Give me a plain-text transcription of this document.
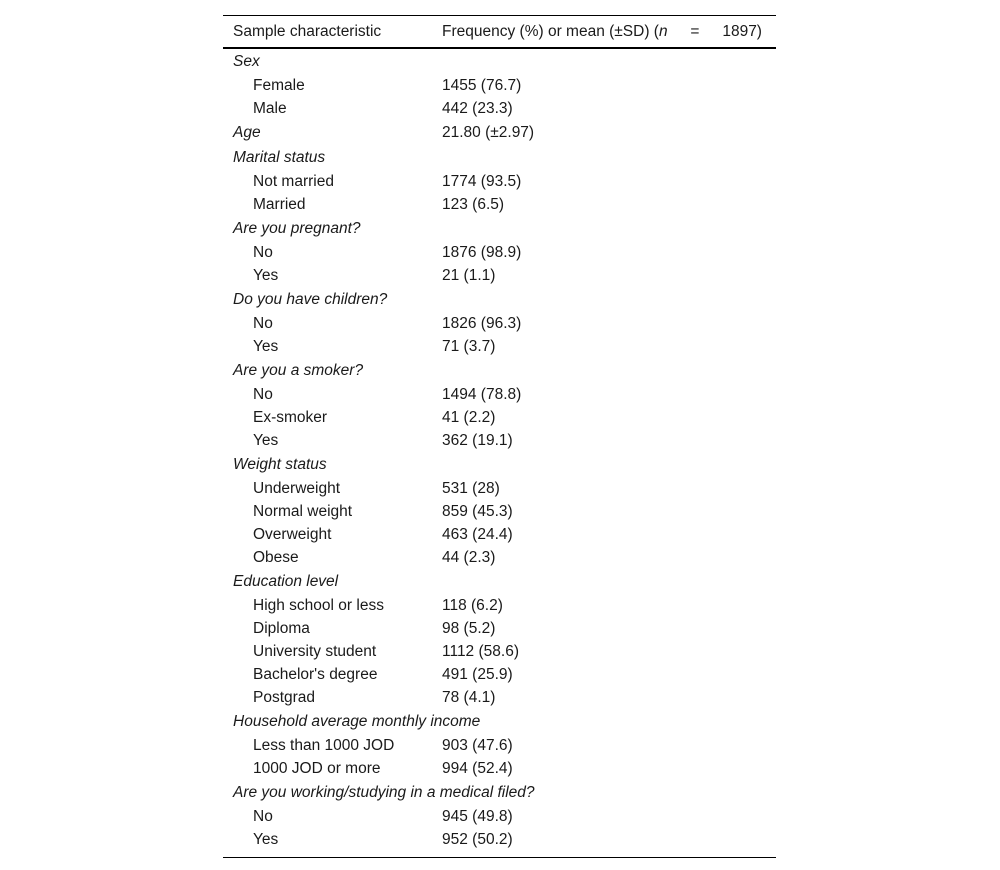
Sample characteristic	Frequency (%) or mean (±SD) (n = 1897)

Sex	
Female	1455 (76.7)
Male	442 (23.3)
Age	21.80 (±2.97)
Marital status	
Not married	1774 (93.5)
Married	123 (6.5)
Are you pregnant?	
No	1876 (98.9)
Yes	21 (1.1)
Do you have children?	
No	1826 (96.3)
Yes	71 (3.7)
Are you a smoker?	
No	1494 (78.8)
Ex-smoker	41 (2.2)
Yes	362 (19.1)
Weight status	
Underweight	531 (28)
Normal weight	859 (45.3)
Overweight	463 (24.4)
Obese	44 (2.3)
Education level	
High school or less	118 (6.2)
Diploma	98 (5.2)
University student	1112 (58.6)
Bachelor's degree	491 (25.9)
Postgrad	78 (4.1)
Household average monthly income	
Less than 1000 JOD	903 (47.6)
1000 JOD or more	994 (52.4)
Are you working/studying in a medical filed?	
No	945 (49.8)
Yes	952 (50.2)
